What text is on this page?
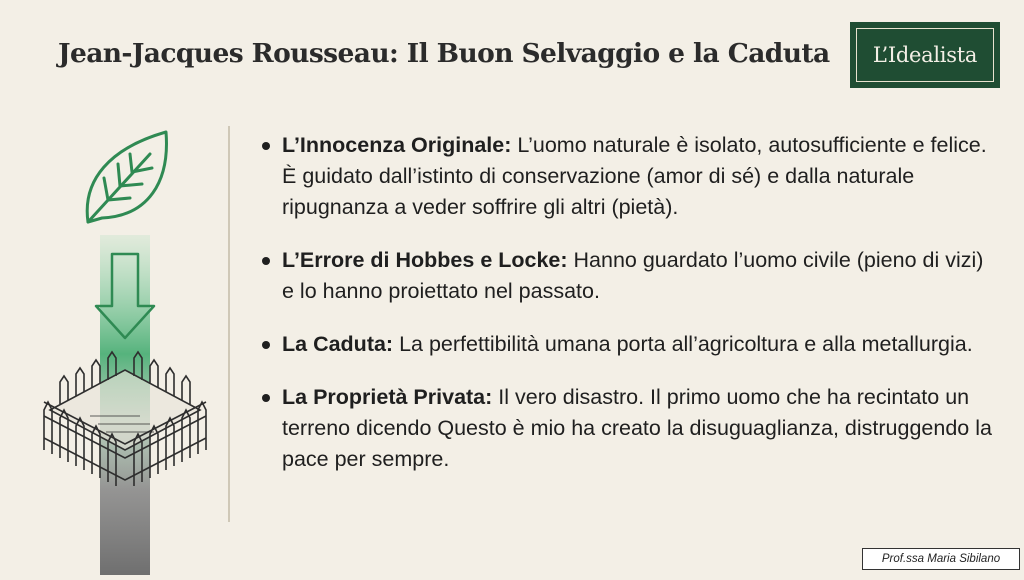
Jean-Jacques Rousseau: Il Buon Selvaggio e la Caduta L’Idealista
L’Innocenza Originale: L’uomo naturale è isolato, autosufficiente e felice. È guidato dall’istinto di conservazione (amor di sé) e dalla naturale ripugnanza a veder soffrire gli altri (pietà).
L’Errore di Hobbes e Locke: Hanno guardato l’uomo civile (pieno di vizi) e lo hanno proiettato nel passato.
La Caduta: La perfettibilità umana porta all’agricoltura e alla metallurgia.
La Proprietà Privata: Il vero disastro. Il primo uomo che ha recintato un terreno dicendo Questo è mio ha creato la disuguaglianza, distruggendo la pace per sempre.
Prof.ssa Maria Sibilano
